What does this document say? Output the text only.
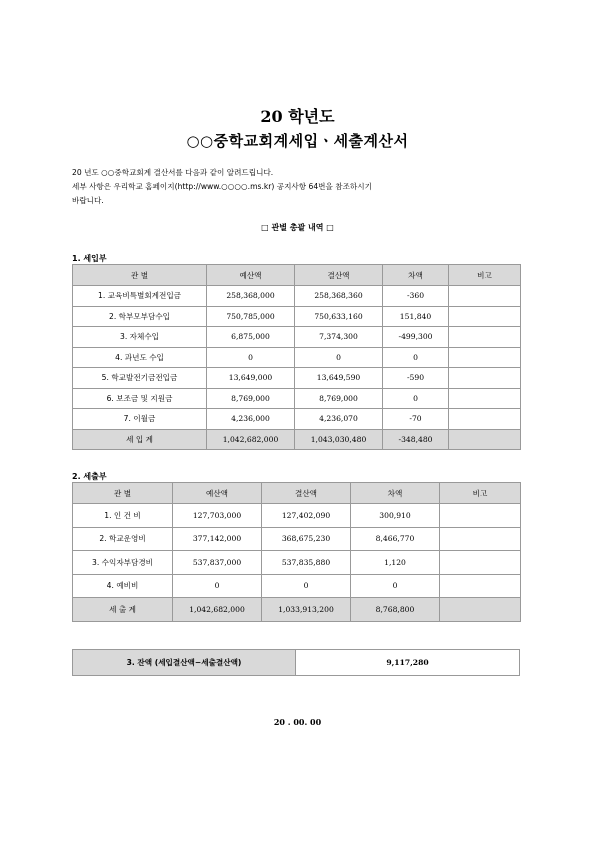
20 학년도
○○중학교회계세입ㆍ세출계산서
20 년도 ○○중학교회계 결산서를 다음과 같이 알려드립니다.
세부 사항은 우리학교 홈페이지(http://www.○○○○.ms.kr) 공지사항 64번을 참조하시기
바랍니다.
□ 관별 총괄 내역 □
1. 세입부
관 별	예산액	결산액	차액	비고
1. 교육비특별회계전입금	258,368,000	258,368,360	-360	
2. 학부모부담수입	750,785,000	750,633,160	151,840	
3. 자체수입	6,875,000	7,374,300	-499,300	
4. 과년도 수입	0	0	0	
5. 학교발전기금전입금	13,649,000	13,649,590	-590	
6. 보조금 및 지원금	8,769,000	8,769,000	0	
7. 이월금	4,236,000	4,236,070	-70	
세 입 계	1,042,682,000	1,043,030,480	-348,480	
2. 세출부
관 별	예산액	결산액	차액	비고
1. 인 건 비	127,703,000	127,402,090	300,910	
2. 학교운영비	377,142,000	368,675,230	8,466,770	
3. 수익자부담경비	537,837,000	537,835,880	1,120	
4. 예비비	0	0	0	
세 출 계	1,042,682,000	1,033,913,200	8,768,800	
3. 잔액 (세입결산액−세출결산액)	9,117,280
20 . 00. 00
